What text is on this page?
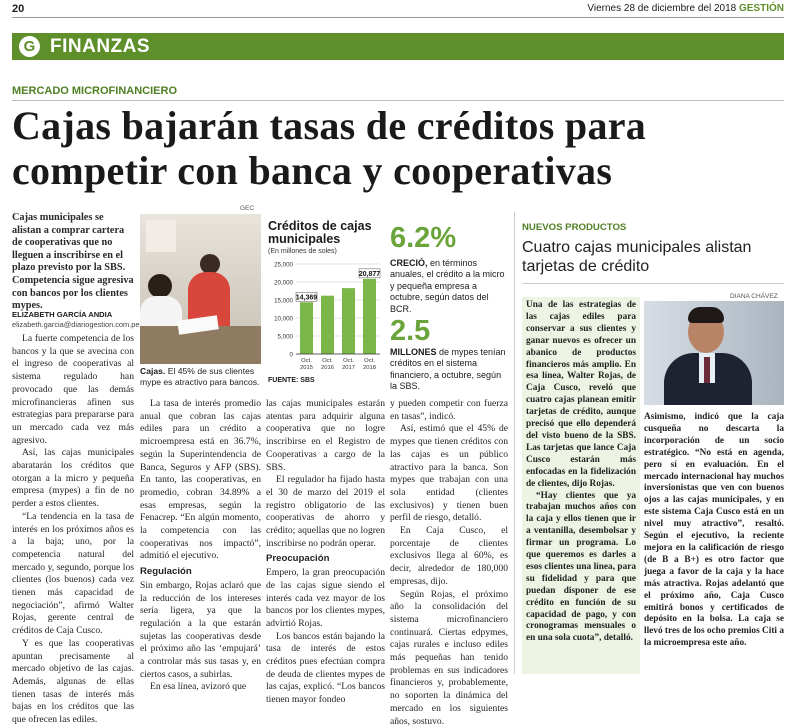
20	Viernes 28 de diciembre del 2018 GESTIÓN
G FINANZAS
MERCADO MICROFINANCIERO
Cajas bajarán tasas de créditos para
competir con banca y cooperativas
Cajas municipales se alistan a comprar cartera de cooperativas que no lleguen a inscribirse en el plazo previsto por la SBS. Competencia sigue agresiva con bancos por los clientes mypes.
ELIZABETH GARCÍA ANDIA
elizabeth.garcia@diariogestion.com.pe

La fuerte competencia de los bancos y la que se avecina con el ingreso de cooperativas al sistema regulado han provocado que las demás microfinancieras afinen sus estrategias para prepararse para un mercado cada vez más agresivo.

Así, las cajas municipales abaratarán los créditos que otorgan a la micro y pequeña empresa (mypes) a fin de no perder a estos clientes.

“La tendencia en la tasa de interés en los próximos años es a la baja; uno, por la competencia natural del mercado y, segundo, porque los clientes (los buenos) cada vez tienen más capacidad de negociación”, afirmó Walter Rojas, gerente central de créditos de Caja Cusco.

Y es que las cooperativas apuntan precisamente al mercado objetivo de las cajas. Además, algunas de ellas tienen tasas de interés más bajas en los créditos que las que ofrecen las ediles.

GEC
Cajas. El 45% de sus clientes mype es atractivo para bancos.

La tasa de interés promedio anual que cobran las cajas ediles para un crédito a microempresa está en 36.7%, según la Superintendencia de Banca, Seguros y AFP (SBS). En tanto, las cooperativas, en promedio, cobran 34.89% a esas empresas, según la Fenacrep. “En algún momento, la competencia con las cooperativas nos impactó”, admitió el ejecutivo.

Regulación

Sin embargo, Rojas aclaró que la reducción de los intereses sería ligera, ya que la regulación a la que estarán sujetas las cooperativas desde el próximo año las ‘empujará’ a controlar más sus tasas y, en ciertos casos, a subirlas.

En esa línea, avizoró que

Créditos de cajas municipales
(En millones de soles)
25,000
20,000
15,000
10,000
5,000
0
14,369
Oct.
2015
Oct.
2016
Oct.
2017
20,877
Oct.
2018
FUENTE: SBS
6.2%
CRECIÓ, en términos anuales, el crédito a la micro y pequeña empresa a octubre, según datos del BCR.
2.5
MILLONES de mypes tenían créditos en el sistema financiero, a octubre, según la SBS.

las cajas municipales estarán atentas para adquirir alguna cooperativa que no logre inscribirse en el Registro de Cooperativas a cargo de la SBS.

El regulador ha fijado hasta el 30 de marzo del 2019 el registro obligatorio de las cooperativas de ahorro y crédito; aquellas que no logren inscribirse no podrán operar.

Preocupación

Empero, la gran preocupación de las cajas sigue siendo el interés cada vez mayor de los bancos por los clientes mypes, advirtió Rojas.

Los bancos están bajando la tasa de interés de estos créditos pues efectúan compra de deuda de clientes mypes de las cajas, explicó. “Los bancos tienen mayor fondeo

y pueden competir con fuerza en tasas”, indicó.

Así, estimó que el 45% de mypes que tienen créditos con las cajas es un público atractivo para la banca. Son mypes que trabajan con una sola entidad (clientes exclusivos) y tienen buen perfil de riesgo, detalló.

En Caja Cusco, el porcentaje de clientes exclusivos llega al 60%, es decir, alrededor de 180,000 empresas, dijo.

Según Rojas, el próximo año la consolidación del sistema microfinanciero continuará. Ciertas edpymes, cajas rurales e incluso ediles más pequeñas han tenido problemas en sus indicadores financieros y, probablemente, no soporten la dinámica del mercado en los siguientes años, sostuvo.

NUEVOS PRODUCTOS
Cuatro cajas municipales alistan tarjetas de crédito

Una de las estrategias de las cajas ediles para conservar a sus clientes y ganar nuevos es ofrecer un abanico de productos financieros más amplio. En esa línea, Walter Rojas, de Caja Cusco, reveló que cuatro cajas planean emitir tarjetas de crédito, aunque precisó que ello dependerá del visto bueno de la SBS. Las tarjetas que lance Caja Cusco estarán más enfocadas en la fidelización de clientes, dijo Rojas.

“Hay clientes que ya trabajan muchos años con la caja y ellos tienen que ir a ventanilla, desembolsar y firmar un programa. Lo que queremos es darles a esos clientes una línea, para su fidelidad y para que puedan disponer de ese crédito en función de su capacidad de pago, y con cronogramas mensuales o en una sola cuota”, detalló.

DIANA CHÁVEZ

Asimismo, indicó que la caja cusqueña no descarta la incorporación de un socio estratégico. “No está en agenda, pero sí en evaluación. En el mercado internacional hay muchos inversionistas que ven con buenos ojos a las cajas municipales, y en este sistema Caja Cusco está en un nivel muy atractivo”, resaltó. Según el ejecutivo, la reciente mejora en la calificación de riesgo (de B a B+) es otro factor que juega a favor de la caja y la hace más atractiva. Rojas adelantó que el próximo año, Caja Cusco emitirá bonos y certificados de depósito en la bolsa. La caja se llevó tres de los ocho premios Citi a la microempresa este año.
